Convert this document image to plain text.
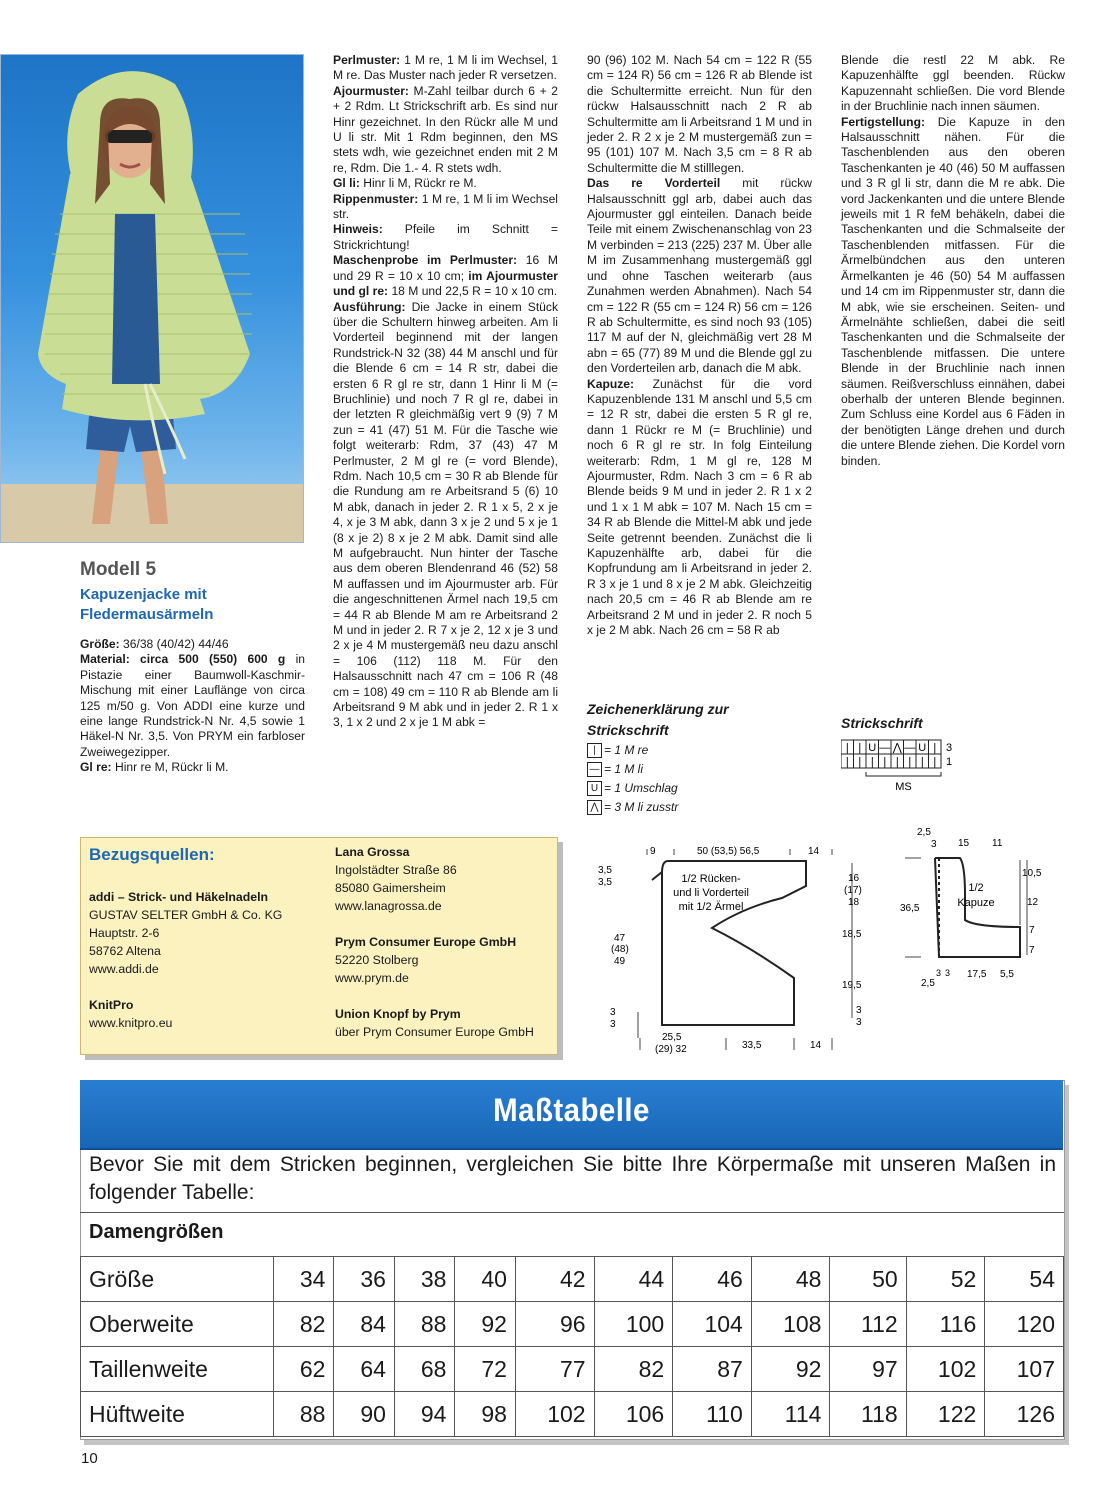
Modell 5
Kapuzenjacke mit Fledermausärmeln

Größe: 36/38 (40/42) 44/46

Material: circa 500 (550) 600 g in Pistazie einer Baumwoll-Kaschmir-Mischung mit einer Lauflänge von circa 125 m/50 g. Von ADDI eine kurze und eine lange Rundstrick-N Nr. 4,5 sowie 1 Häkel-N Nr. 3,5. Von PRYM ein farbloser Zweiwegezipper.

Gl re: Hinr re M, Rückr li M.

Perlmuster: 1 M re, 1 M li im Wechsel, 1 M re. Das Muster nach jeder R versetzen.

Ajourmuster: M-Zahl teilbar durch 6 + 2 + 2 Rdm. Lt Strickschrift arb. Es sind nur Hinr gezeichnet. In den Rückr alle M und U li str. Mit 1 Rdm beginnen, den MS stets wdh, wie gezeichnet enden mit 2 M re, Rdm. Die 1.- 4. R stets wdh.

Gl li: Hinr li M, Rückr re M.

Rippenmuster: 1 M re, 1 M li im Wechsel str.

Hinweis: Pfeile im Schnitt = Strickrichtung!

Maschenprobe im Perlmuster: 16 M und 29 R = 10 x 10 cm; im Ajourmuster und gl re: 18 M und 22,5 R = 10 x 10 cm.

Ausführung: Die Jacke in einem Stück über die Schultern hinweg arbeiten. Am li Vorderteil beginnend mit der langen Rundstrick-N 32 (38) 44 M anschl und für die Blende 6 cm = 14 R str, dabei die ersten 6 R gl re str, dann 1 Hinr li M (= Bruchlinie) und noch 7 R gl re, dabei in der letzten R gleichmäßig vert 9 (9) 7 M zun = 41 (47) 51 M. Für die Tasche wie folgt weiterarb: Rdm, 37 (43) 47 M Perlmuster, 2 M gl re (= vord Blende), Rdm. Nach 10,5 cm = 30 R ab Blende für die Rundung am re Arbeitsrand 5 (6) 10 M abk, danach in jeder 2. R 1 x 5, 2 x je 4, x je 3 M abk, dann 3 x je 2 und 5 x je 1 (8 x je 2) 8 x je 2 M abk. Damit sind alle M aufgebraucht. Nun hinter der Tasche aus dem oberen Blendenrand 46 (52) 58 M auffassen und im Ajourmuster arb. Für die angeschnittenen Ärmel nach 19,5 cm = 44 R ab Blende M am re Arbeitsrand 2 M und in jeder 2. R 7 x je 2, 12 x je 3 und 2 x je 4 M mustergemäß neu dazu anschl = 106 (112) 118 M. Für den Halsausschnitt nach 47 cm = 106 R (48 cm = 108) 49 cm = 110 R ab Blende am li Arbeitsrand 9 M abk und in jeder 2. R 1 x 3, 1 x 2 und 2 x je 1 M abk =

90 (96) 102 M. Nach 54 cm = 122 R (55 cm = 124 R) 56 cm = 126 R ab Blende ist die Schultermitte erreicht. Nun für den rückw Halsausschnitt nach 2 R ab Schultermitte am li Arbeitsrand 1 M und in jeder 2. R 2 x je 2 M mustergemäß zun = 95 (101) 107 M. Nach 3,5 cm = 8 R ab Schultermitte die M stilllegen.

Das re Vorderteil mit rückw Halsausschnitt ggl arb, dabei auch das Ajourmuster ggl einteilen. Danach beide Teile mit einem Zwischenanschlag von 23 M verbinden = 213 (225) 237 M. Über alle M im Zusammenhang mustergemäß ggl und ohne Taschen weiterarb (aus Zunahmen werden Abnahmen). Nach 54 cm = 122 R (55 cm = 124 R) 56 cm = 126 R ab Schultermitte, es sind noch 93 (105) 117 M auf der N, gleichmäßig vert 28 M abn = 65 (77) 89 M und die Blende ggl zu den Vorderteilen arb, danach die M abk.

Kapuze: Zunächst für die vord Kapuzenblende 131 M anschl und 5,5 cm = 12 R str, dabei die ersten 5 R gl re, dann 1 Rückr re M (= Bruchlinie) und noch 6 R gl re str. In folg Einteilung weiterarb: Rdm, 1 M gl re, 128 M Ajourmuster, Rdm. Nach 3 cm = 6 R ab Blende beids 9 M und in jeder 2. R 1 x 2 und 1 x 1 M abk = 107 M. Nach 15 cm = 34 R ab Blende die Mittel-M abk und jede Seite getrennt beenden. Zunächst die li Kapuzenhälfte arb, dabei für die Kopfrundung am li Arbeitsrand in jeder 2. R 3 x je 1 und 8 x je 2 M abk. Gleichzeitig nach 20,5 cm = 46 R ab Blende am re Arbeitsrand 2 M und in jeder 2. R noch 5 x je 2 M abk. Nach 26 cm = 58 R ab

Blende die restl 22 M abk. Re Kapuzenhälfte ggl beenden. Rückw Kapuzennaht schließen. Die vord Blende in der Bruchlinie nach innen säumen.

Fertigstellung: Die Kapuze in den Halsausschnitt nähen. Für die Taschenblenden aus den oberen Taschenkanten je 40 (46) 50 M auffassen und 3 R gl li str, dann die M re abk. Die vord Jackenkanten und die untere Blende jeweils mit 1 R feM behäkeln, dabei die Taschenkanten und die Schmalseite der Taschenblenden mitfassen. Für die Ärmelbündchen aus den unteren Ärmelkanten je 46 (50) 54 M auffassen und 14 cm im Rippenmuster str, dann die M abk, wie sie erscheinen. Seiten- und Ärmelnähte schließen, dabei die seitl Taschenkanten und die Schmalseite der Taschenblende mitfassen. Die untere Blende in der Bruchlinie nach innen säumen. Reißverschluss einnähen, dabei oberhalb der unteren Blende beginnen. Zum Schluss eine Kordel aus 6 Fäden in der benötigten Länge drehen und durch die untere Blende ziehen. Die Kordel vorn binden.

Zeichenerklärung zur Strickschrift
| = 1 M re
— = 1 M li
U = 1 Umschlag
⋀ = 3 M li zusstr
Strickschrift
| | U — ⋀ — U | 3
| | | | | | | | 1
MS
9	50 (53,5) 56,5	14
3,5
3,5
47
(48)
49
3
3
16
(17)
18
18,5
19,5
3
3
25,5
(29) 32	33,5	14
1/2 Rücken-und li Vorderteil mit 1/2 Ärmel
2,5
3 15 11
36,5
10,5
12
7
7
2,5
3 3 17,5 5,5
1/2 Kapuze
Bezugsquellen:

addi – Strick- und Häkelnadeln

GUSTAV SELTER GmbH & Co. KG

Hauptstr. 2-6

58762 Altena

www.addi.de

KnitPro

www.knitpro.eu

Lana Grossa

Ingolstädter Straße 86

85080 Gaimersheim

www.lanagrossa.de

Prym Consumer Europe GmbH

52220 Stolberg

www.prym.de

Union Knopf by Prym

über Prym Consumer Europe GmbH

Maßtabelle
Bevor Sie mit dem Stricken beginnen, vergleichen Sie bitte Ihre Körpermaße mit unseren Maßen in folgender Tabelle:
Damengrößen
Größe	34	36	38	40	42	44	46	48	50	52	54
Oberweite	82	84	88	92	96	100	104	108	112	116	120
Taillenweite	62	64	68	72	77	82	87	92	97	102	107
Hüftweite	88	90	94	98	102	106	110	114	118	122	126
10
